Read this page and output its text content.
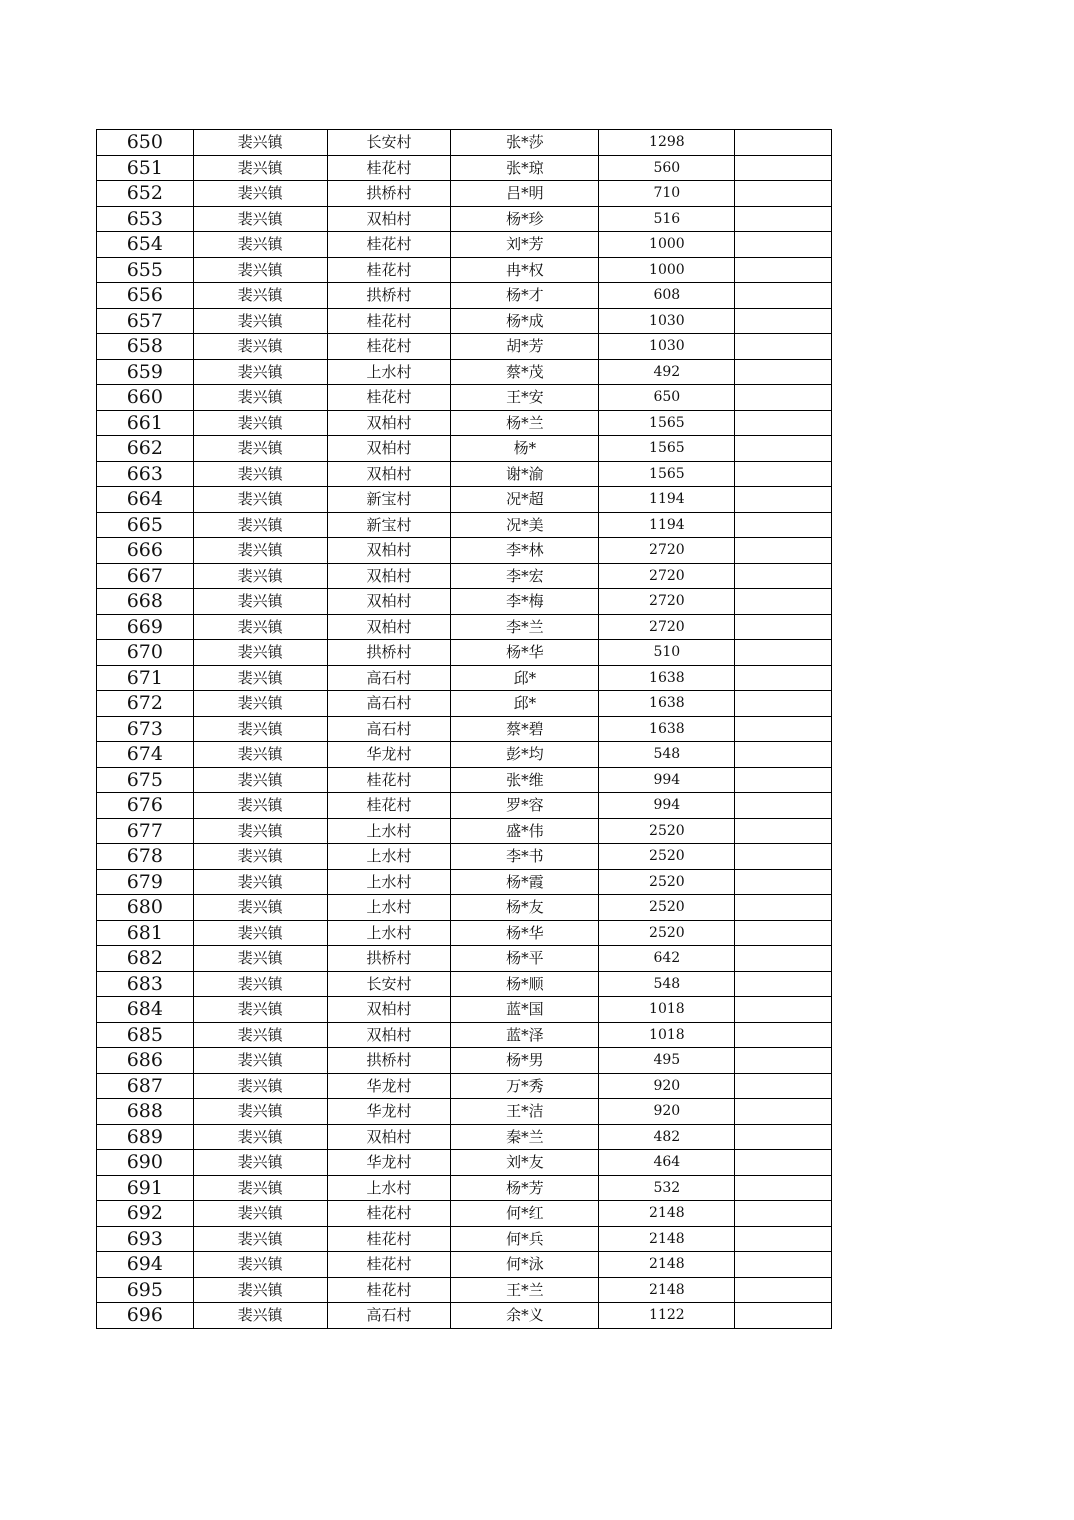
650	裴兴镇	长安村	张*莎	1298	
651	裴兴镇	桂花村	张*琼	560	
652	裴兴镇	拱桥村	吕*明	710	
653	裴兴镇	双柏村	杨*珍	516	
654	裴兴镇	桂花村	刘*芳	1000	
655	裴兴镇	桂花村	冉*权	1000	
656	裴兴镇	拱桥村	杨*才	608	
657	裴兴镇	桂花村	杨*成	1030	
658	裴兴镇	桂花村	胡*芳	1030	
659	裴兴镇	上水村	蔡*茂	492	
660	裴兴镇	桂花村	王*安	650	
661	裴兴镇	双柏村	杨*兰	1565	
662	裴兴镇	双柏村	杨*	1565	
663	裴兴镇	双柏村	谢*渝	1565	
664	裴兴镇	新宝村	况*超	1194	
665	裴兴镇	新宝村	况*美	1194	
666	裴兴镇	双柏村	李*林	2720	
667	裴兴镇	双柏村	李*宏	2720	
668	裴兴镇	双柏村	李*梅	2720	
669	裴兴镇	双柏村	李*兰	2720	
670	裴兴镇	拱桥村	杨*华	510	
671	裴兴镇	高石村	邱*	1638	
672	裴兴镇	高石村	邱*	1638	
673	裴兴镇	高石村	蔡*碧	1638	
674	裴兴镇	华龙村	彭*均	548	
675	裴兴镇	桂花村	张*维	994	
676	裴兴镇	桂花村	罗*容	994	
677	裴兴镇	上水村	盛*伟	2520	
678	裴兴镇	上水村	李*书	2520	
679	裴兴镇	上水村	杨*霞	2520	
680	裴兴镇	上水村	杨*友	2520	
681	裴兴镇	上水村	杨*华	2520	
682	裴兴镇	拱桥村	杨*平	642	
683	裴兴镇	长安村	杨*顺	548	
684	裴兴镇	双柏村	蓝*国	1018	
685	裴兴镇	双柏村	蓝*泽	1018	
686	裴兴镇	拱桥村	杨*男	495	
687	裴兴镇	华龙村	万*秀	920	
688	裴兴镇	华龙村	王*洁	920	
689	裴兴镇	双柏村	秦*兰	482	
690	裴兴镇	华龙村	刘*友	464	
691	裴兴镇	上水村	杨*芳	532	
692	裴兴镇	桂花村	何*红	2148	
693	裴兴镇	桂花村	何*兵	2148	
694	裴兴镇	桂花村	何*泳	2148	
695	裴兴镇	桂花村	王*兰	2148	
696	裴兴镇	高石村	余*义	1122	
